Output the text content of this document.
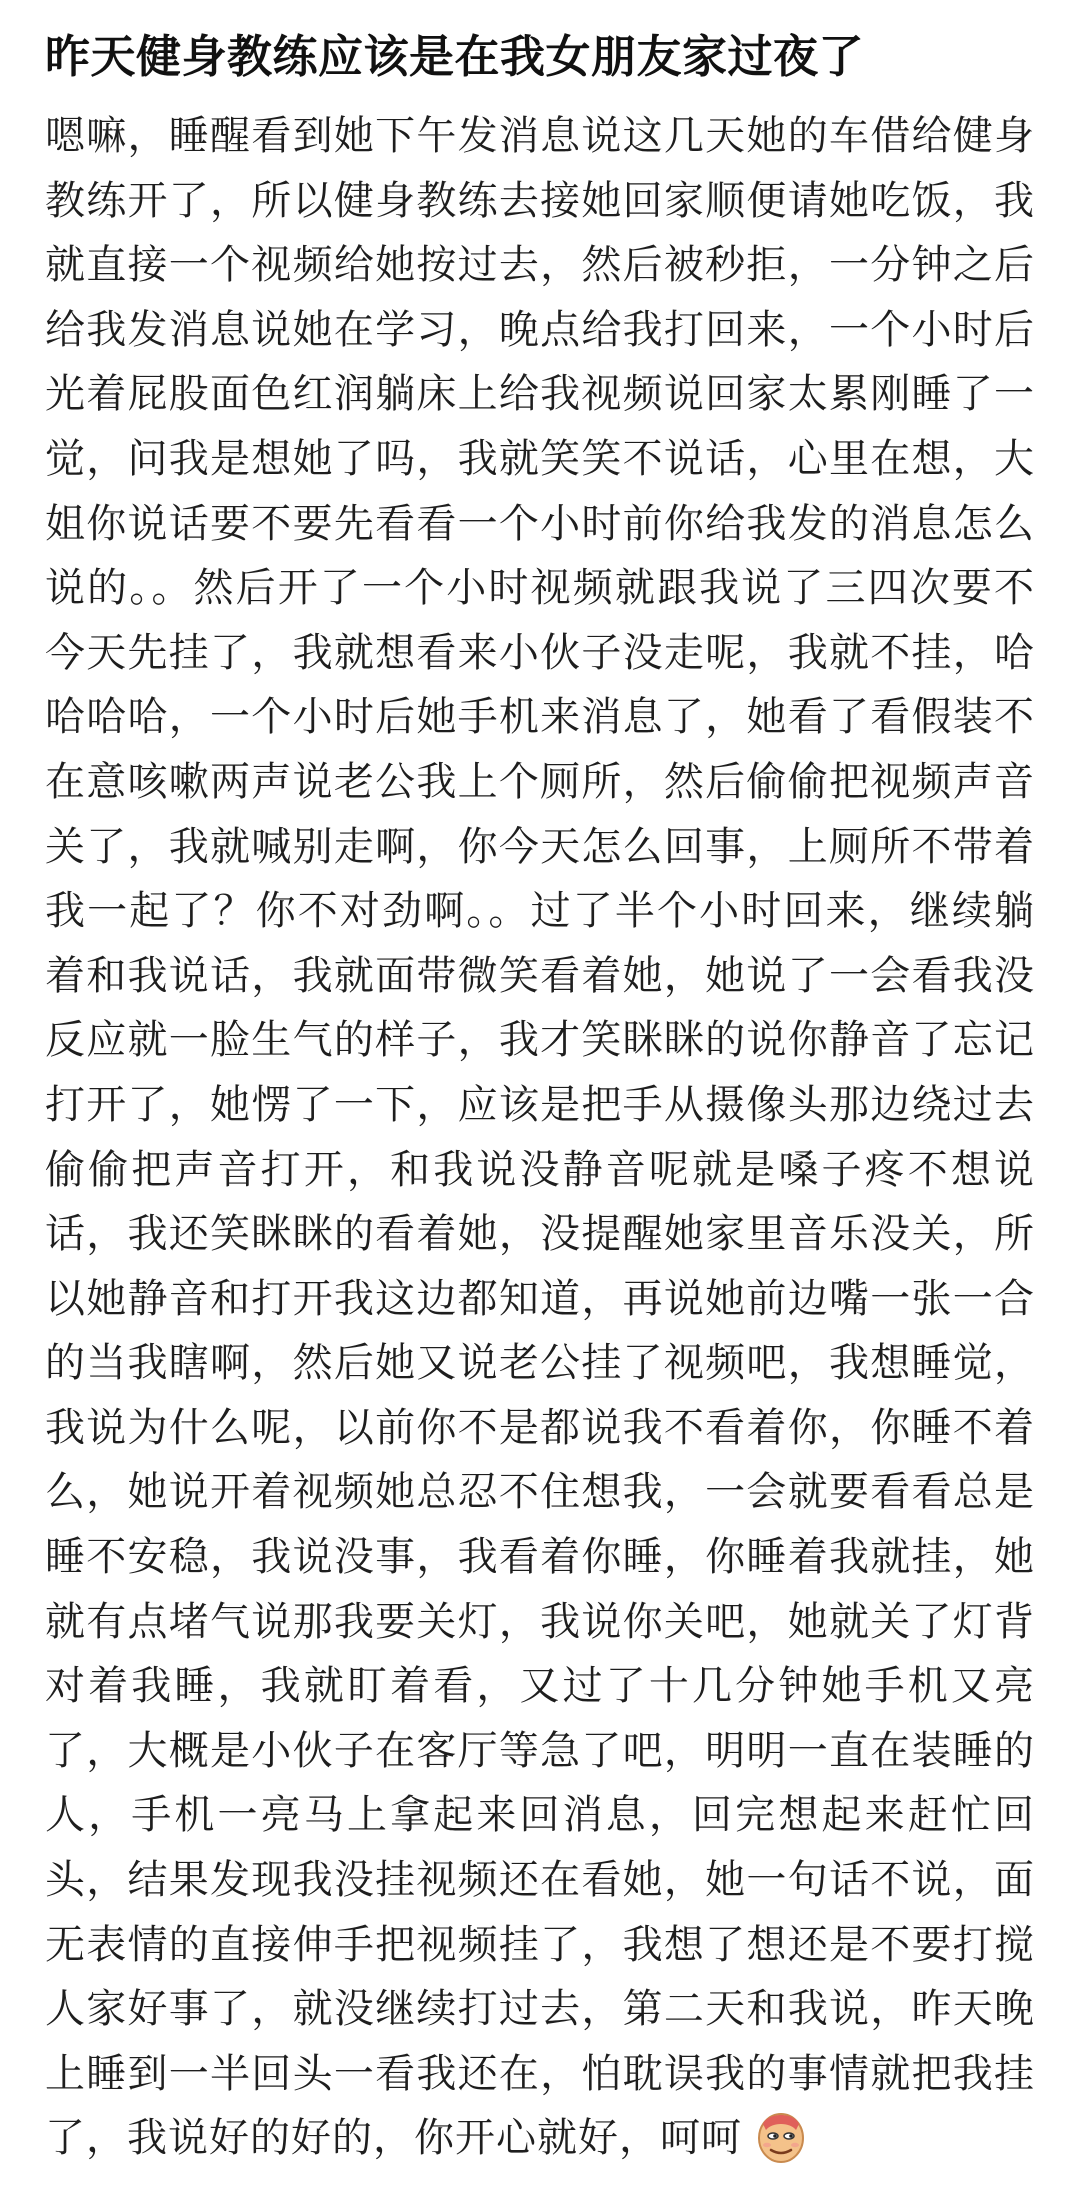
昨天健身教练应该是在我女朋友家过夜了
嗯嘛，睡醒看到她下午发消息说这几天她的车借给健身教练开了，所以健身教练去接她回家顺便请她吃饭，我就直接一个视频给她按过去，然后被秒拒，一分钟之后给我发消息说她在学习，晚点给我打回来，一个小时后光着屁股面色红润躺床上给我视频说回家太累刚睡了一觉，问我是想她了吗，我就笑笑不说话，心里在想，大姐你说话要不要先看看一个小时前你给我发的消息怎么说的。。然后开了一个小时视频就跟我说了三四次要不今天先挂了，我就想看来小伙子没走呢，我就不挂，哈哈哈哈，一个小时后她手机来消息了，她看了看假装不在意咳嗽两声说老公我上个厕所，然后偷偷把视频声音关了，我就喊别走啊，你今天怎么回事，上厕所不带着我一起了？你不对劲啊。。过了半个小时回来，继续躺着和我说话，我就面带微笑看着她，她说了一会看我没反应就一脸生气的样子，我才笑眯眯的说你静音了忘记打开了，她愣了一下，应该是把手从摄像头那边绕过去偷偷把声音打开，和我说没静音呢就是嗓子疼不想说话，我还笑眯眯的看着她，没提醒她家里音乐没关，所以她静音和打开我这边都知道，再说她前边嘴一张一合的当我瞎啊，然后她又说老公挂了视频吧，我想睡觉，我说为什么呢，以前你不是都说我不看着你，你睡不着么，她说开着视频她总忍不住想我，一会就要看看总是睡不安稳，我说没事，我看着你睡，你睡着我就挂，她就有点堵气说那我要关灯，我说你关吧，她就关了灯背对着我睡，我就盯着看，又过了十几分钟她手机又亮了，大概是小伙子在客厅等急了吧，明明一直在装睡的人，手机一亮马上拿起来回消息，回完想起来赶忙回头，结果发现我没挂视频还在看她，她一句话不说，面无表情的直接伸手把视频挂了，我想了想还是不要打搅人家好事了，就没继续打过去，第二天和我说，昨天晚上睡到一半回头一看我还在，怕耽误我的事情就把我挂了，我说好的好的，你开心就好，呵呵
